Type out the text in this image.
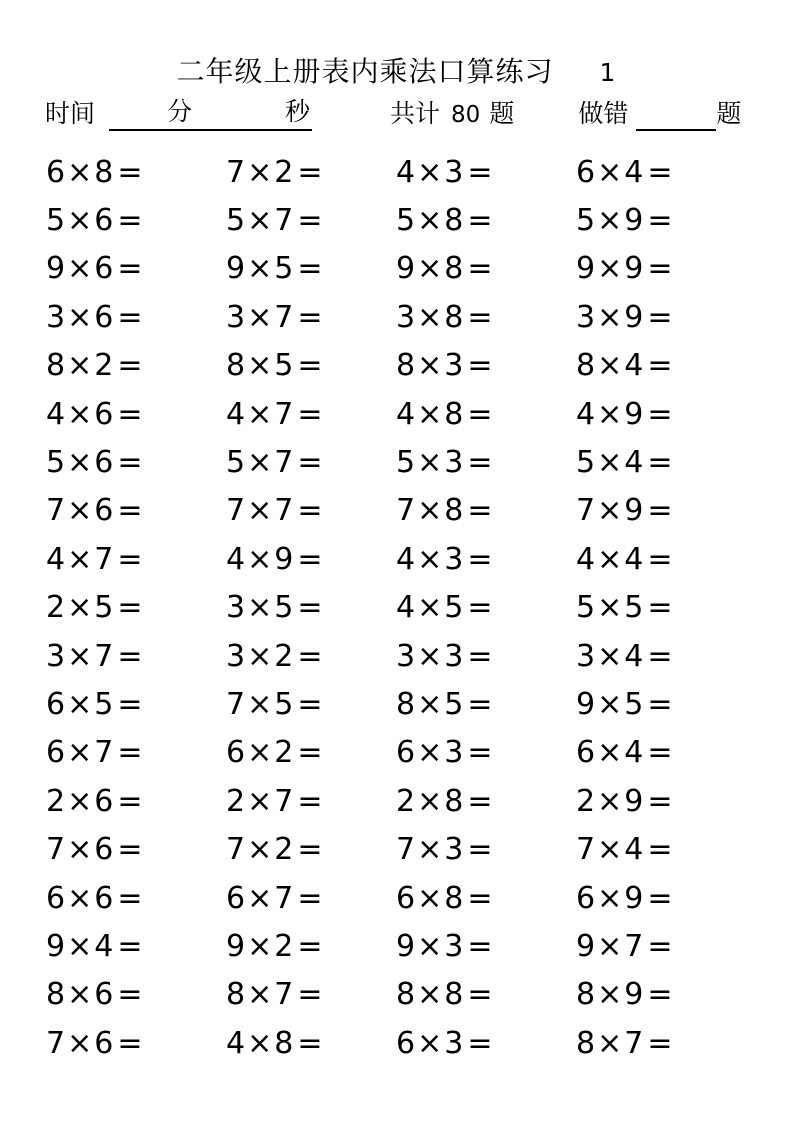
二年级上册表内乘法口算练习 1
时间	分	秒	共计 80 题	做错	题
6×8 =	7×2 =	4×3 =	6×4 =
5×6 =	5×7 =	5×8 =	5×9 =
9×6 =	9×5 =	9×8 =	9×9 =
3×6 =	3×7 =	3×8 =	3×9 =
8×2 =	8×5 =	8×3 =	8×4 =
4×6 =	4×7 =	4×8 =	4×9 =
5×6 =	5×7 =	5×3 =	5×4 =
7×6 =	7×7 =	7×8 =	7×9 =
4×7 =	4×9 =	4×3 =	4×4 =
2×5 =	3×5 =	4×5 =	5×5 =
3×7 =	3×2 =	3×3 =	3×4 =
6×5 =	7×5 =	8×5 =	9×5 =
6×7 =	6×2 =	6×3 =	6×4 =
2×6 =	2×7 =	2×8 =	2×9 =
7×6 =	7×2 =	7×3 =	7×4 =
6×6 =	6×7 =	6×8 =	6×9 =
9×4 =	9×2 =	9×3 =	9×7 =
8×6 =	8×7 =	8×8 =	8×9 =
7×6 =	4×8 =	6×3 =	8×7 =
